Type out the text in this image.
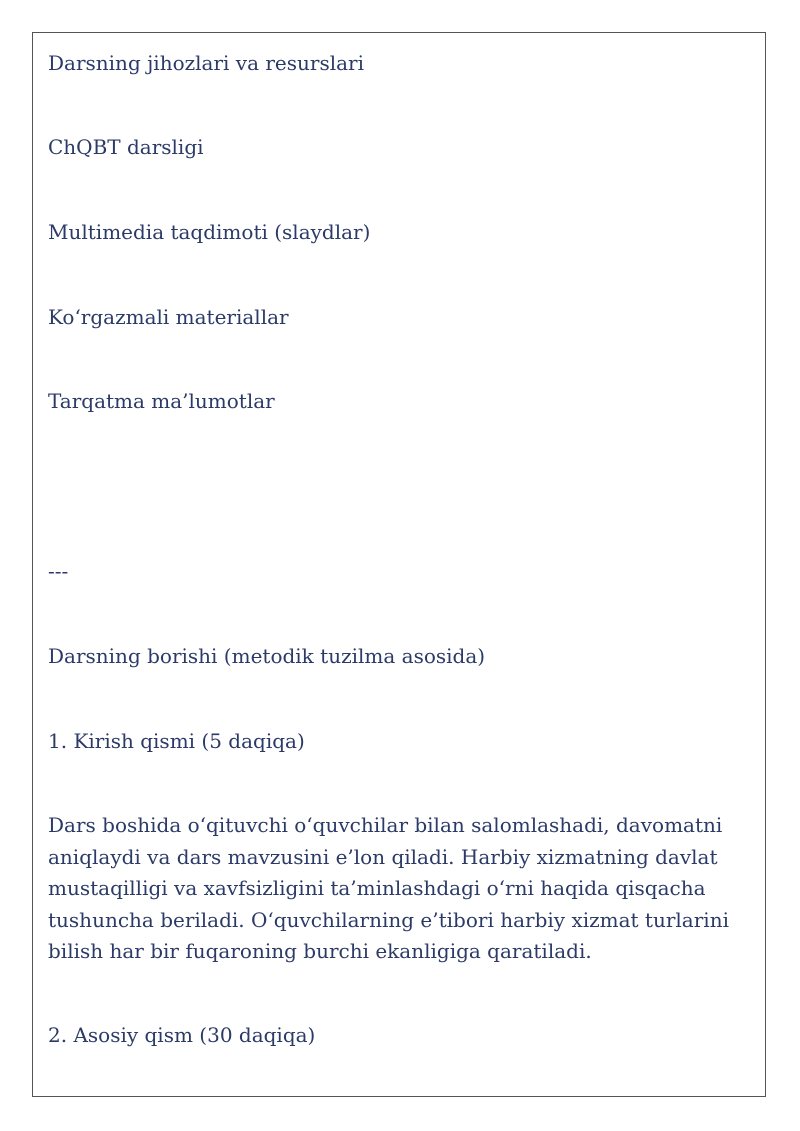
Darsning jihozlari va resurslari

ChQBT darsligi

Multimedia taqdimoti (slaydlar)

Ko‘rgazmali materiallar

Tarqatma ma’lumotlar

---

Darsning borishi (metodik tuzilma asosida)

1. Kirish qismi (5 daqiqa)

Dars boshida o‘qituvchi o‘quvchilar bilan salomlashadi, davomatni aniqlaydi va dars mavzusini e’lon qiladi. Harbiy xizmatning davlat mustaqilligi va xavfsizligini ta’minlashdagi o‘rni haqida qisqacha tushuncha beriladi. O‘quvchilarning e’tibori harbiy xizmat turlarini bilish har bir fuqaroning burchi ekanligiga qaratiladi.

2. Asosiy qism (30 daqiqa)
